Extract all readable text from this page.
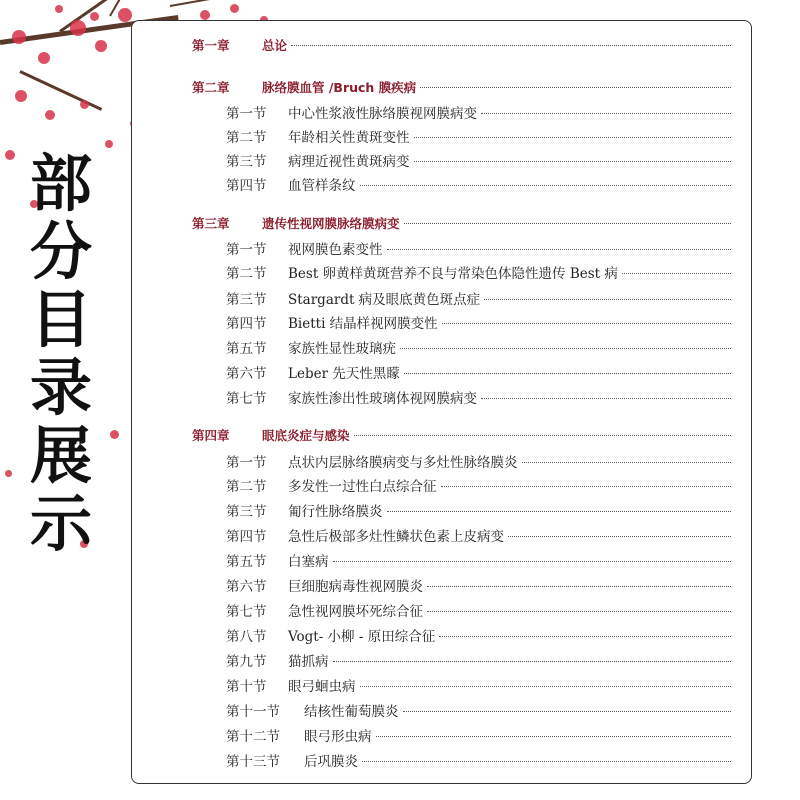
部
分
目
录
展
示
第一章	总论
第二章	脉络膜血管 /Bruch 膜疾病
第一节	中心性浆液性脉络膜视网膜病变
第二节	年龄相关性黄斑变性
第三节	病理近视性黄斑病变
第四节	血管样条纹
第三章	遗传性视网膜脉络膜病变
第一节	视网膜色素变性
第二节	Best 卵黄样黄斑营养不良与常染色体隐性遗传 Best 病
第三节	Stargardt 病及眼底黄色斑点症
第四节	Bietti 结晶样视网膜变性
第五节	家族性显性玻璃疣
第六节	Leber 先天性黑矇
第七节	家族性渗出性玻璃体视网膜病变
第四章	眼底炎症与感染
第一节	点状内层脉络膜病变与多灶性脉络膜炎
第二节	多发性一过性白点综合征
第三节	匍行性脉络膜炎
第四节	急性后极部多灶性鳞状色素上皮病变
第五节	白塞病
第六节	巨细胞病毒性视网膜炎
第七节	急性视网膜坏死综合征
第八节	Vogt- 小柳 - 原田综合征
第九节	猫抓病
第十节	眼弓蛔虫病
第十一节	结核性葡萄膜炎
第十二节	眼弓形虫病
第十三节	后巩膜炎
